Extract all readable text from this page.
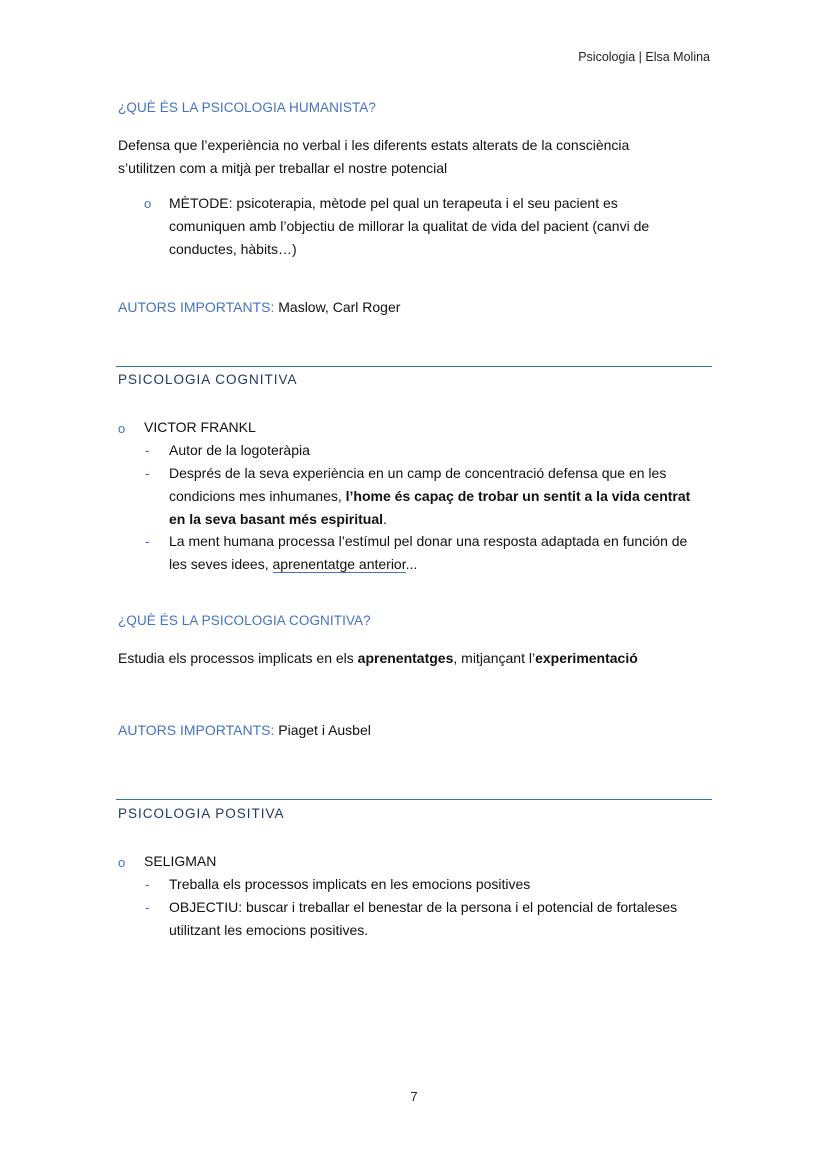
Psicologia | Elsa Molina
¿QUÈ ÉS LA PSICOLOGIA HUMANISTA?
Defensa que l’experiència no verbal i les diferents estats alterats de la consciència
s’utilitzen com a mitjà per treballar el nostre potencial
o MÈTODE: psicoterapia, mètode pel qual un terapeuta i el seu pacient es
comuniquen amb l’objectiu de millorar la qualitat de vida del pacient (canvi de
conductes, hàbits…)
AUTORS IMPORTANTS: Maslow, Carl Roger
PSICOLOGIA COGNITIVA
o VICTOR FRANKL
- Autor de la logoteràpia
- Després de la seva experiència en un camp de concentració defensa que en les
condicions mes inhumanes, l’home és capaç de trobar un sentit a la vida centrat
en la seva basant més espiritual.
- La ment humana processa l’estímul pel donar una resposta adaptada en función de
les seves idees, aprenentatge anterior...
¿QUÈ ÉS LA PSICOLOGIA COGNITIVA?
Estudia els processos implicats en els aprenentatges, mitjançant l’experimentació
AUTORS IMPORTANTS: Piaget i Ausbel
PSICOLOGIA POSITIVA
o SELIGMAN
- Treballa els processos implicats en les emocions positives
- OBJECTIU: buscar i treballar el benestar de la persona i el potencial de fortaleses
utilitzant les emocions positives.
7
